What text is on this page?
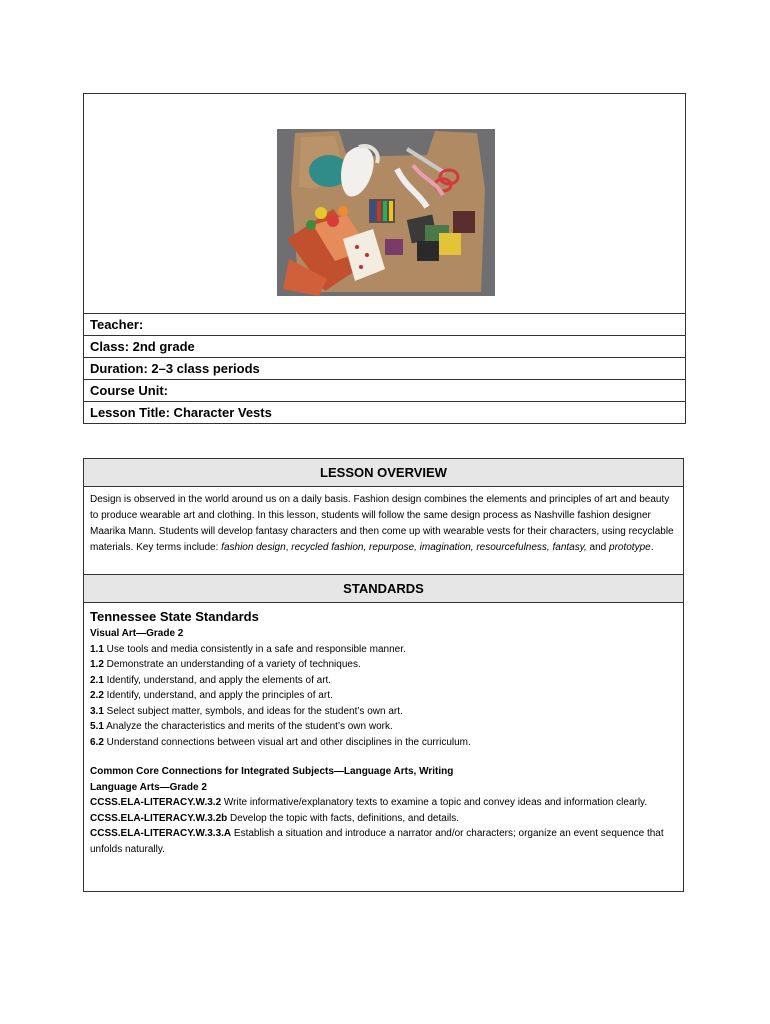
Teacher:
Class: 2nd grade
Duration: 2–3 class periods
Course Unit:
Lesson Title: Character Vests
LESSON OVERVIEW
Design is observed in the world around us on a daily basis. Fashion design combines the elements and principles of art and beauty to produce wearable art and clothing. In this lesson, students will follow the same design process as Nashville fashion designer Maarika Mann. Students will develop fantasy characters and then come up with wearable vests for their characters, using recyclable materials. Key terms include: fashion design, recycled fashion, repurpose, imagination, resourcefulness, fantasy, and prototype.
STANDARDS
Tennessee State Standards
Visual Art—Grade 2
1.1 Use tools and media consistently in a safe and responsible manner.
1.2 Demonstrate an understanding of a variety of techniques.
2.1 Identify, understand, and apply the elements of art.
2.2 Identify, understand, and apply the principles of art.
3.1 Select subject matter, symbols, and ideas for the student’s own art.
5.1 Analyze the characteristics and merits of the student’s own work.
6.2 Understand connections between visual art and other disciplines in the curriculum.
Common Core Connections for Integrated Subjects—Language Arts, Writing
Language Arts—Grade 2
CCSS.ELA-LITERACY.W.3.2 Write informative/explanatory texts to examine a topic and convey ideas and information clearly.
CCSS.ELA-LITERACY.W.3.2b Develop the topic with facts, definitions, and details.
CCSS.ELA-LITERACY.W.3.3.A Establish a situation and introduce a narrator and/or characters; organize an event sequence that unfolds naturally.
